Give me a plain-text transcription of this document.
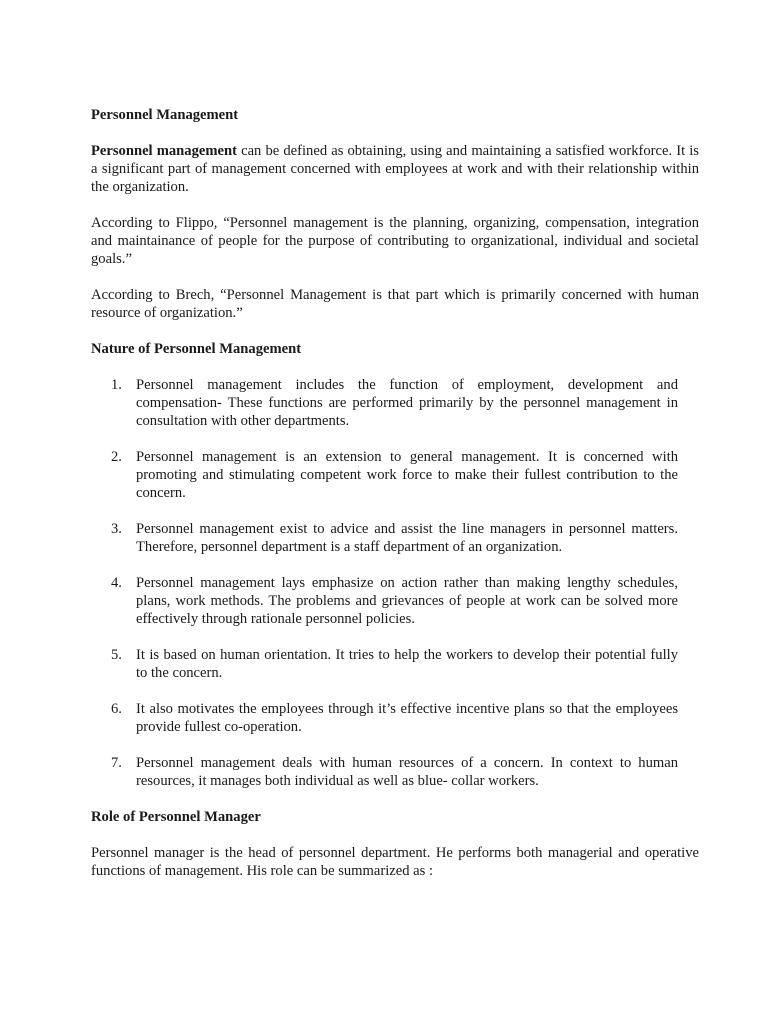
Personnel Management

Personnel management can be defined as obtaining, using and maintaining a satisfied workforce. It is a significant part of management concerned with employees at work and with their relationship within the organization.

According to Flippo, “Personnel management is the planning, organizing, compensation, integration and maintainance of people for the purpose of contributing to organizational, individual and societal goals.”

According to Brech, “Personnel Management is that part which is primarily concerned with human resource of organization.”

Nature of Personnel Management
1. Personnel management includes the function of employment, development and compensation- These functions are performed primarily by the personnel management in consultation with other departments.
2. Personnel management is an extension to general management. It is concerned with promoting and stimulating competent work force to make their fullest contribution to the concern.
3. Personnel management exist to advice and assist the line managers in personnel matters. Therefore, personnel department is a staff department of an organization.
4. Personnel management lays emphasize on action rather than making lengthy schedules, plans, work methods. The problems and grievances of people at work can be solved more effectively through rationale personnel policies.
5. It is based on human orientation. It tries to help the workers to develop their potential fully to the concern.
6. It also motivates the employees through it’s effective incentive plans so that the employees provide fullest co-operation.
7. Personnel management deals with human resources of a concern. In context to human resources, it manages both individual as well as blue- collar workers.
Role of Personnel Manager

Personnel manager is the head of personnel department. He performs both managerial and operative functions of management. His role can be summarized as :
